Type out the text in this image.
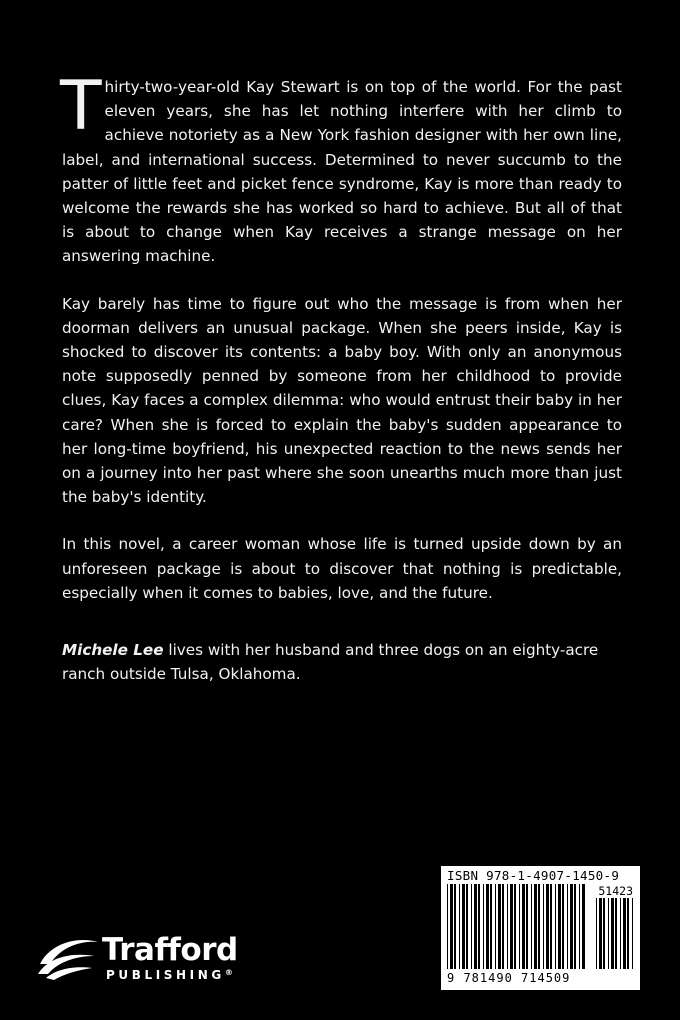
Thirty-two-year-old Kay Stewart is on top of the world. For the past eleven years, she has let nothing interfere with her climb to achieve notoriety as a New York fashion designer with her own line, label, and international success. Determined to never succumb to the patter of little feet and picket fence syndrome, Kay is more than ready to welcome the rewards she has worked so hard to achieve. But all of that is about to change when Kay receives a strange message on her answering machine.

Kay barely has time to figure out who the message is from when her doorman delivers an unusual package. When she peers inside, Kay is shocked to discover its contents: a baby boy. With only an anonymous note supposedly penned by someone from her childhood to provide clues, Kay faces a complex dilemma: who would entrust their baby in her care? When she is forced to explain the baby's sudden appearance to her long-time boyfriend, his unexpected reaction to the news sends her on a journey into her past where she soon unearths much more than just the baby's identity.

In this novel, a career woman whose life is turned upside down by an unforeseen package is about to discover that nothing is predictable, especially when it comes to babies, love, and the future.

Michele Lee lives with her husband and three dogs on an eighty-acre ranch outside Tulsa, Oklahoma.

Trafford
PUBLISHING®
ISBN 978-1-4907-1450-9
51423
9 781490 714509
